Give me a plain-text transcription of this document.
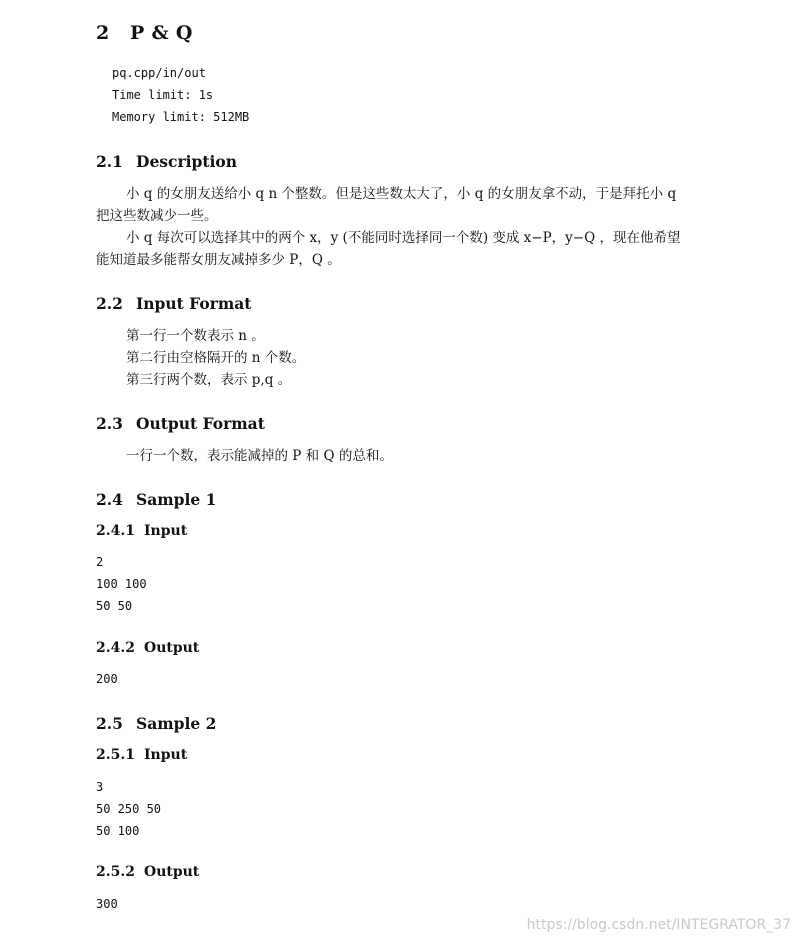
2 P & Q
pq.cpp/in/out
Time limit: 1s
Memory limit: 512MB
2.1 Description
小 q 的女朋友送给小 q n 个整数。但是这些数太大了，小 q 的女朋友拿不动，于是拜托小 q
把这些数减少一些。
小 q 每次可以选择其中的两个 x，y (不能同时选择同一个数) 变成 x−P，y−Q ，现在他希望
能知道最多能帮女朋友减掉多少 P，Q 。
2.2 Input Format
第一行一个数表示 n 。
第二行由空格隔开的 n 个数。
第三行两个数，表示 p,q 。
2.3 Output Format
一行一个数，表示能减掉的 P 和 Q 的总和。
2.4 Sample 1
2.4.1 Input
2
100 100
50 50
2.4.2 Output
200
2.5 Sample 2
2.5.1 Input
3
50 250 50
50 100
2.5.2 Output
300
https://blog.csdn.net/INTEGRATOR_37
